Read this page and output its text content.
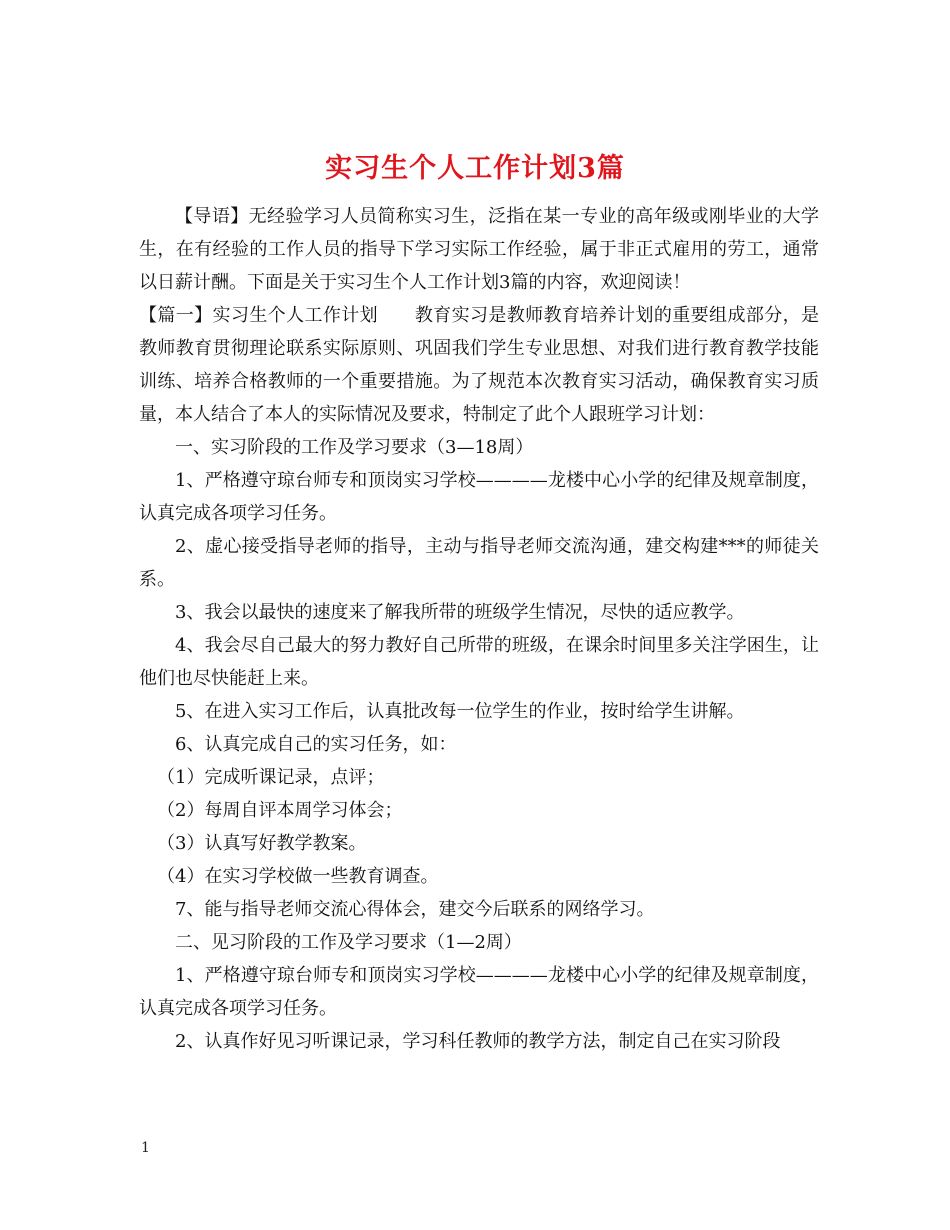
实习生个人工作计划3篇

【导语】无经验学习人员简称实习生，泛指在某一专业的高年级或刚毕业的大学生，在有经验的工作人员的指导下学习实际工作经验，属于非正式雇用的劳工，通常以日薪计酬。下面是关于实习生个人工作计划3篇的内容，欢迎阅读！

【篇一】实习生个人工作计划　　教育实习是教师教育培养计划的重要组成部分，是教师教育贯彻理论联系实际原则、巩固我们学生专业思想、对我们进行教育教学技能训练、培养合格教师的一个重要措施。为了规范本次教育实习活动，确保教育实习质量，本人结合了本人的实际情况及要求，特制定了此个人跟班学习计划：

一、实习阶段的工作及学习要求（3—18周）

1、严格遵守琼台师专和顶岗实习学校————龙楼中心小学的纪律及规章制度，认真完成各项学习任务。

2、虚心接受指导老师的指导，主动与指导老师交流沟通，建交构建***的师徒关系。

3、我会以最快的速度来了解我所带的班级学生情况，尽快的适应教学。

4、我会尽自己最大的努力教好自己所带的班级，在课余时间里多关注学困生，让他们也尽快能赶上来。

5、在进入实习工作后，认真批改每一位学生的作业，按时给学生讲解。

6、认真完成自己的实习任务，如：

（1）完成听课记录，点评；

（2）每周自评本周学习体会；

（3）认真写好教学教案。

（4）在实习学校做一些教育调查。

7、能与指导老师交流心得体会，建交今后联系的网络学习。

二、见习阶段的工作及学习要求（1—2周）

1、严格遵守琼台师专和顶岗实习学校————龙楼中心小学的纪律及规章制度，认真完成各项学习任务。

2、认真作好见习听课记录，学习科任教师的教学方法，制定自己在实习阶段

1
